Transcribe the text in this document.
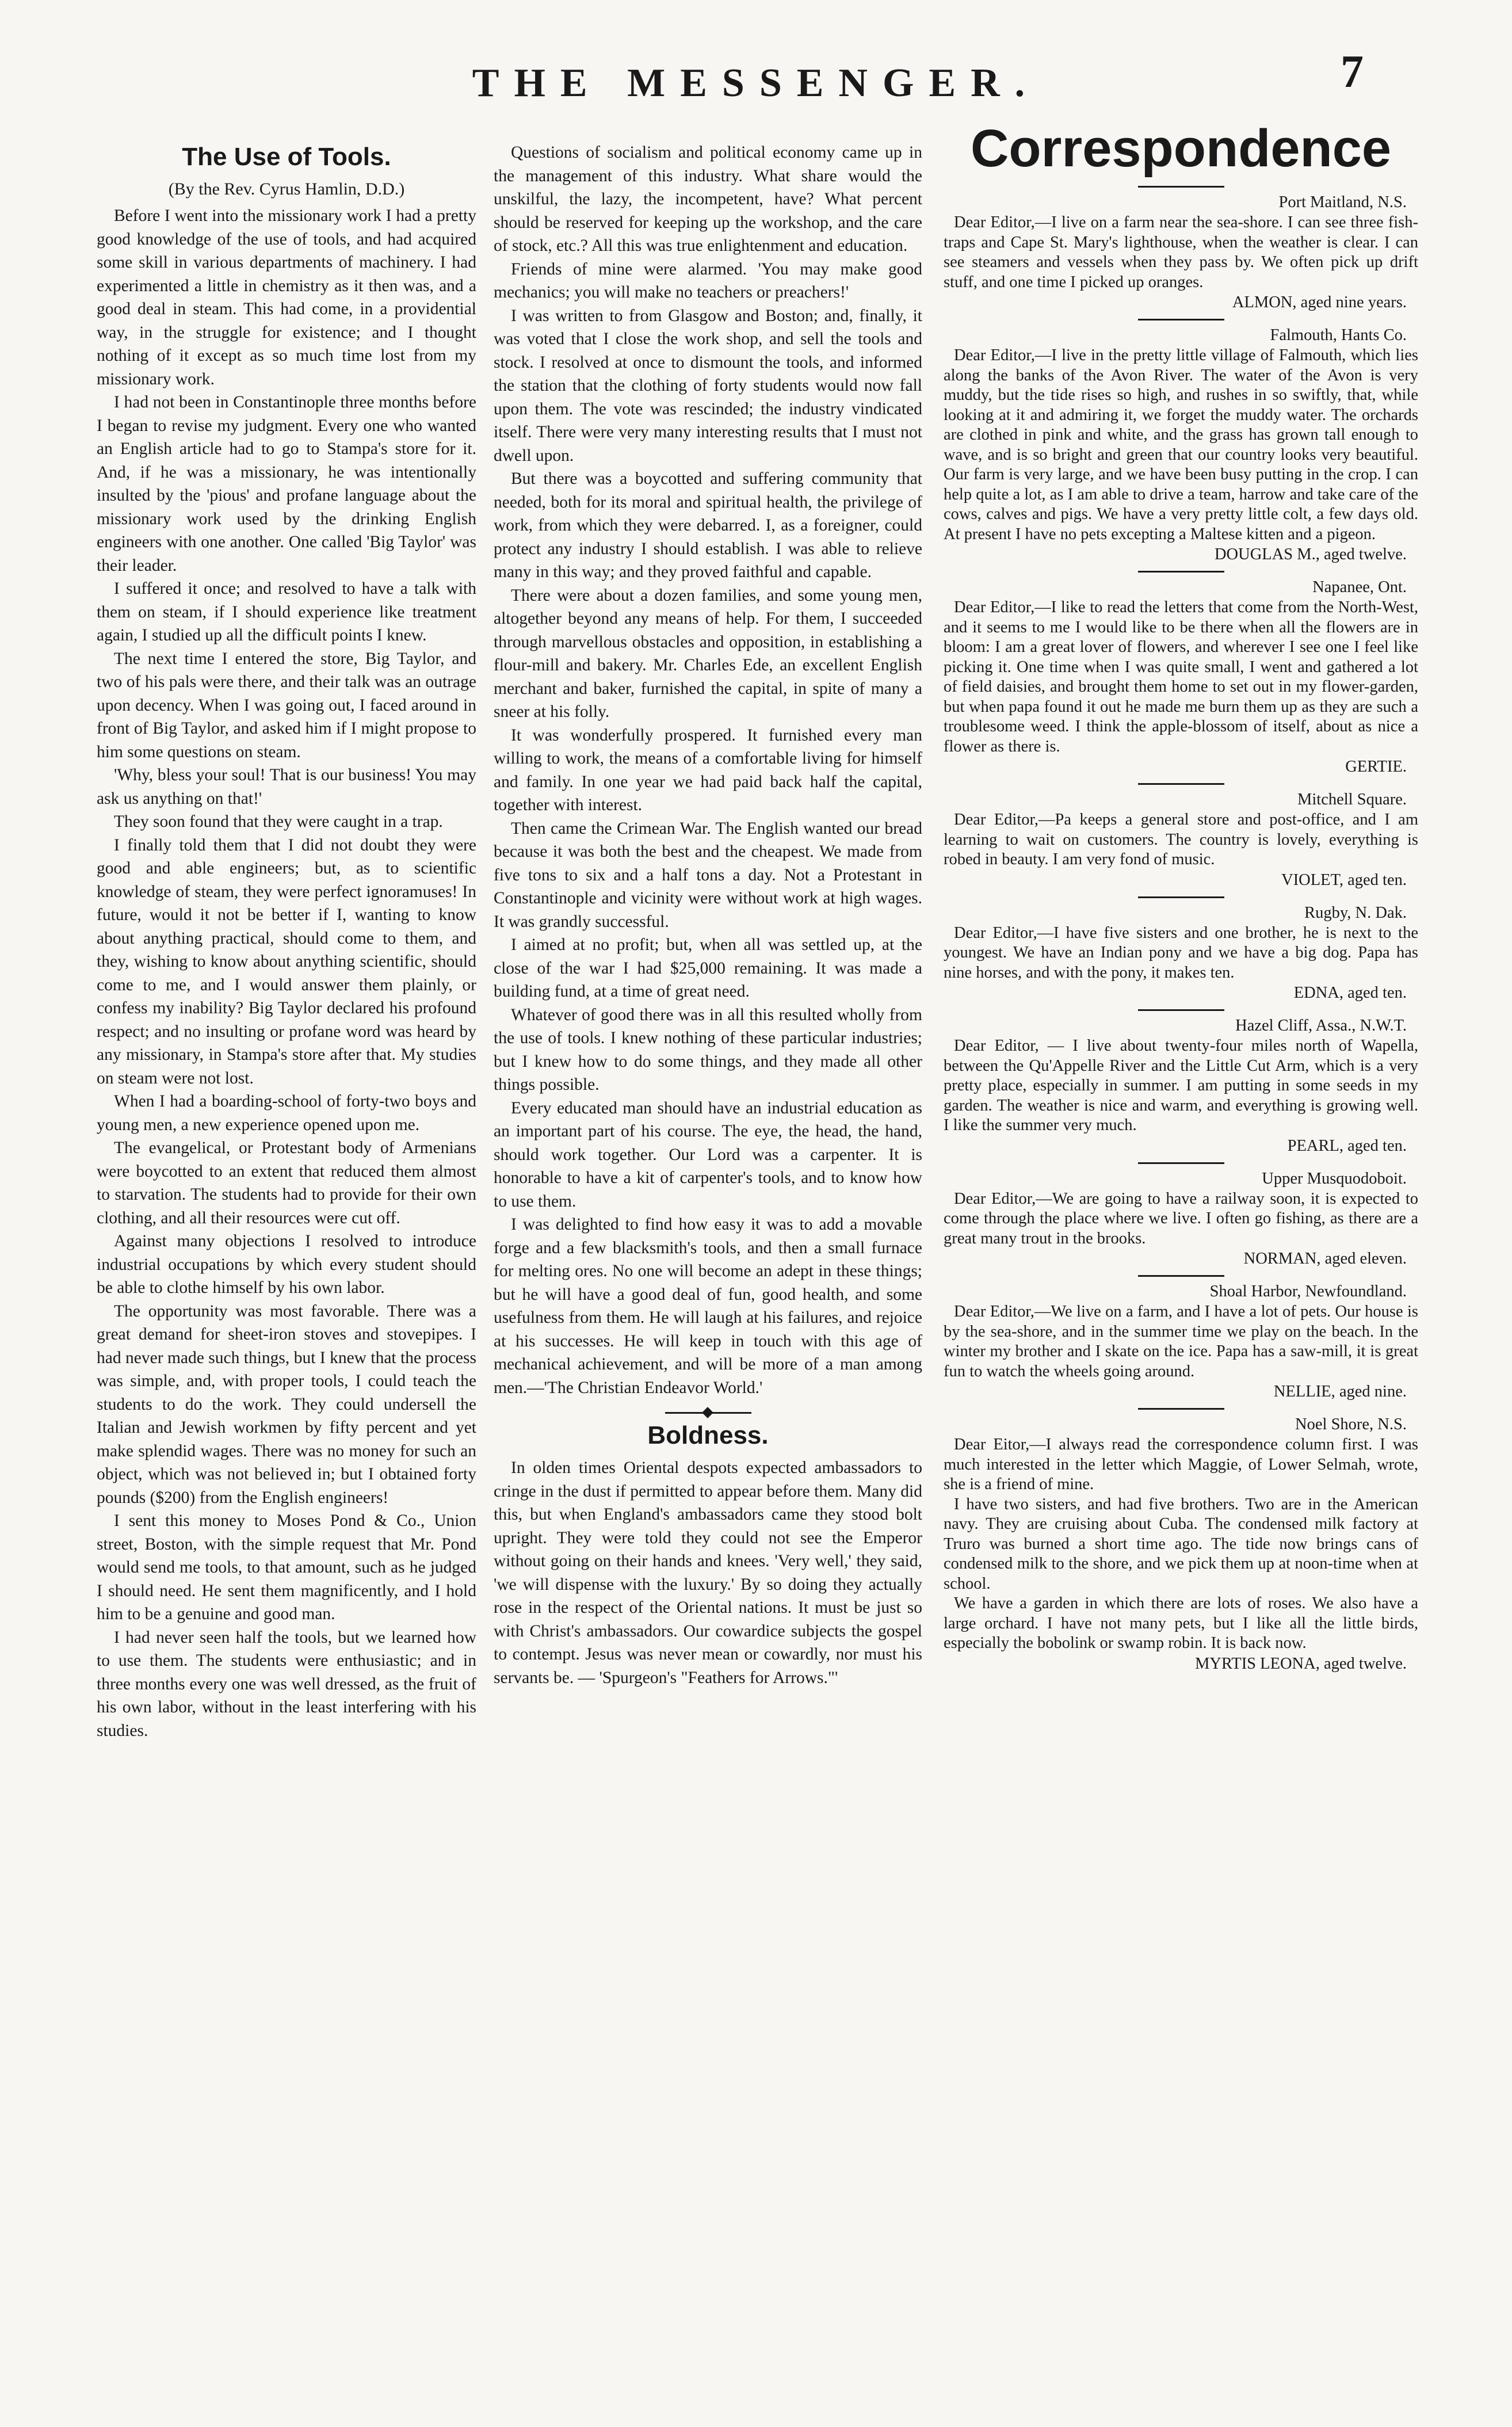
THE MESSENGER.	7
The Use of Tools.
(By the Rev. Cyrus Hamlin, D.D.)

Before I went into the missionary work I had a pretty good knowledge of the use of tools, and had acquired some skill in various departments of machinery. I had experimented a little in chemistry as it then was, and a good deal in steam. This had come, in a providential way, in the struggle for existence; and I thought nothing of it except as so much time lost from my missionary work.

I had not been in Constantinople three months before I began to revise my judgment. Every one who wanted an English article had to go to Stampa's store for it. And, if he was a missionary, he was intentionally insulted by the 'pious' and profane language about the missionary work used by the drinking English engineers with one another. One called 'Big Taylor' was their leader.

I suffered it once; and resolved to have a talk with them on steam, if I should experience like treatment again, I studied up all the difficult points I knew.

The next time I entered the store, Big Taylor, and two of his pals were there, and their talk was an outrage upon decency. When I was going out, I faced around in front of Big Taylor, and asked him if I might propose to him some questions on steam.

'Why, bless your soul! That is our business! You may ask us anything on that!'

They soon found that they were caught in a trap.

I finally told them that I did not doubt they were good and able engineers; but, as to scientific knowledge of steam, they were perfect ignoramuses! In future, would it not be better if I, wanting to know about anything practical, should come to them, and they, wishing to know about anything scientific, should come to me, and I would answer them plainly, or confess my inability? Big Taylor declared his profound respect; and no insulting or profane word was heard by any missionary, in Stampa's store after that. My studies on steam were not lost.

When I had a boarding-school of forty-two boys and young men, a new experience opened upon me.

The evangelical, or Protestant body of Armenians were boycotted to an extent that reduced them almost to starvation. The students had to provide for their own clothing, and all their resources were cut off.

Against many objections I resolved to introduce industrial occupations by which every student should be able to clothe himself by his own labor.

The opportunity was most favorable. There was a great demand for sheet-iron stoves and stovepipes. I had never made such things, but I knew that the process was simple, and, with proper tools, I could teach the students to do the work. They could undersell the Italian and Jewish workmen by fifty percent and yet make splendid wages. There was no money for such an object, which was not believed in; but I obtained forty pounds ($200) from the English engineers!

I sent this money to Moses Pond & Co., Union street, Boston, with the simple request that Mr. Pond would send me tools, to that amount, such as he judged I should need. He sent them magnificently, and I hold him to be a genuine and good man.

I had never seen half the tools, but we learned how to use them. The students were enthusiastic; and in three months every one was well dressed, as the fruit of his own labor, without in the least interfering with his studies.

Questions of socialism and political economy came up in the management of this industry. What share would the unskilful, the lazy, the incompetent, have? What percent should be reserved for keeping up the workshop, and the care of stock, etc.? All this was true enlightenment and education.

Friends of mine were alarmed. 'You may make good mechanics; you will make no teachers or preachers!'

I was written to from Glasgow and Boston; and, finally, it was voted that I close the work shop, and sell the tools and stock. I resolved at once to dismount the tools, and informed the station that the clothing of forty students would now fall upon them. The vote was rescinded; the industry vindicated itself. There were very many interesting results that I must not dwell upon.

But there was a boycotted and suffering community that needed, both for its moral and spiritual health, the privilege of work, from which they were debarred. I, as a foreigner, could protect any industry I should establish. I was able to relieve many in this way; and they proved faithful and capable.

There were about a dozen families, and some young men, altogether beyond any means of help. For them, I succeeded through marvellous obstacles and opposition, in establishing a flour-mill and bakery. Mr. Charles Ede, an excellent English merchant and baker, furnished the capital, in spite of many a sneer at his folly.

It was wonderfully prospered. It furnished every man willing to work, the means of a comfortable living for himself and family. In one year we had paid back half the capital, together with interest.

Then came the Crimean War. The English wanted our bread because it was both the best and the cheapest. We made from five tons to six and a half tons a day. Not a Protestant in Constantinople and vicinity were without work at high wages. It was grandly successful.

I aimed at no profit; but, when all was settled up, at the close of the war I had $25,000 remaining. It was made a building fund, at a time of great need.

Whatever of good there was in all this resulted wholly from the use of tools. I knew nothing of these particular industries; but I knew how to do some things, and they made all other things possible.

Every educated man should have an industrial education as an important part of his course. The eye, the head, the hand, should work together. Our Lord was a carpenter. It is honorable to have a kit of carpenter's tools, and to know how to use them.

I was delighted to find how easy it was to add a movable forge and a few blacksmith's tools, and then a small furnace for melting ores. No one will become an adept in these things; but he will have a good deal of fun, good health, and some usefulness from them. He will laugh at his failures, and rejoice at his successes. He will keep in touch with this age of mechanical achievement, and will be more of a man among men.—'The Christian Endeavor World.'

Boldness.

In olden times Oriental despots expected ambassadors to cringe in the dust if permitted to appear before them. Many did this, but when England's ambassadors came they stood bolt upright. They were told they could not see the Emperor without going on their hands and knees. 'Very well,' they said, 'we will dispense with the luxury.' By so doing they actually rose in the respect of the Oriental nations. It must be just so with Christ's ambassadors. Our cowardice subjects the gospel to contempt. Jesus was never mean or cowardly, nor must his servants be. — 'Spurgeon's "Feathers for Arrows."'

Correspondence
Port Maitland, N.S.

Dear Editor,—I live on a farm near the sea-shore. I can see three fish-traps and Cape St. Mary's lighthouse, when the weather is clear. I can see steamers and vessels when they pass by. We often pick up drift stuff, and one time I picked up oranges.

ALMON, aged nine years.
Falmouth, Hants Co.

Dear Editor,—I live in the pretty little village of Falmouth, which lies along the banks of the Avon River. The water of the Avon is very muddy, but the tide rises so high, and rushes in so swiftly, that, while looking at it and admiring it, we forget the muddy water. The orchards are clothed in pink and white, and the grass has grown tall enough to wave, and is so bright and green that our country looks very beautiful. Our farm is very large, and we have been busy putting in the crop. I can help quite a lot, as I am able to drive a team, harrow and take care of the cows, calves and pigs. We have a very pretty little colt, a few days old. At present I have no pets excepting a Maltese kitten and a pigeon.

DOUGLAS M., aged twelve.
Napanee, Ont.

Dear Editor,—I like to read the letters that come from the North-West, and it seems to me I would like to be there when all the flowers are in bloom: I am a great lover of flowers, and wherever I see one I feel like picking it. One time when I was quite small, I went and gathered a lot of field daisies, and brought them home to set out in my flower-garden, but when papa found it out he made me burn them up as they are such a troublesome weed. I think the apple-blossom of itself, about as nice a flower as there is.

GERTIE.
Mitchell Square.

Dear Editor,—Pa keeps a general store and post-office, and I am learning to wait on customers. The country is lovely, everything is robed in beauty. I am very fond of music.

VIOLET, aged ten.
Rugby, N. Dak.

Dear Editor,—I have five sisters and one brother, he is next to the youngest. We have an Indian pony and we have a big dog. Papa has nine horses, and with the pony, it makes ten.

EDNA, aged ten.
Hazel Cliff, Assa., N.W.T.

Dear Editor, — I live about twenty-four miles north of Wapella, between the Qu'Appelle River and the Little Cut Arm, which is a very pretty place, especially in summer. I am putting in some seeds in my garden. The weather is nice and warm, and everything is growing well. I like the summer very much.

PEARL, aged ten.
Upper Musquodoboit.

Dear Editor,—We are going to have a railway soon, it is expected to come through the place where we live. I often go fishing, as there are a great many trout in the brooks.

NORMAN, aged eleven.
Shoal Harbor, Newfoundland.

Dear Editor,—We live on a farm, and I have a lot of pets. Our house is by the sea-shore, and in the summer time we play on the beach. In the winter my brother and I skate on the ice. Papa has a saw-mill, it is great fun to watch the wheels going around.

NELLIE, aged nine.
Noel Shore, N.S.

Dear Eitor,—I always read the correspondence column first. I was much interested in the letter which Maggie, of Lower Selmah, wrote, she is a friend of mine.

I have two sisters, and had five brothers. Two are in the American navy. They are cruising about Cuba. The condensed milk factory at Truro was burned a short time ago. The tide now brings cans of condensed milk to the shore, and we pick them up at noon-time when at school.

We have a garden in which there are lots of roses. We also have a large orchard. I have not many pets, but I like all the little birds, especially the bobolink or swamp robin. It is back now.

MYRTIS LEONA, aged twelve.
